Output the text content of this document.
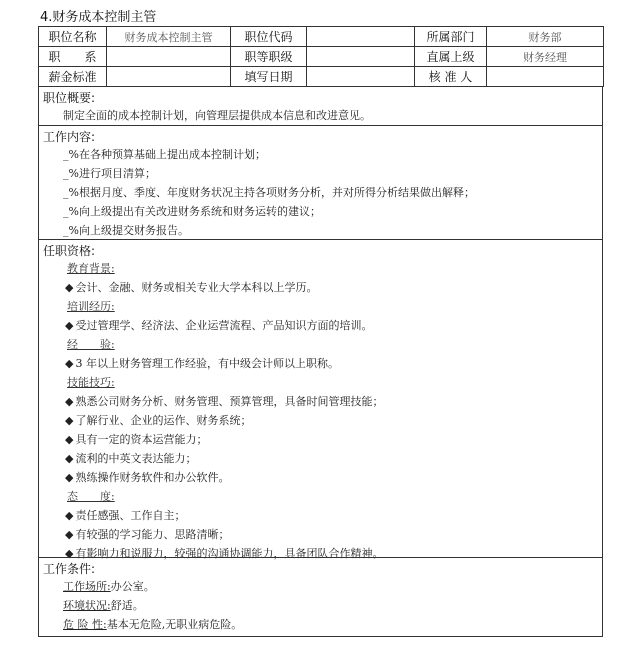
4.财务成本控制主管
职位名称	财务成本控制主管	职位代码		所属部门	财务部
职　　系		职等职级		直属上级	财务经理
薪金标准		填写日期		核 准 人	
职位概要:
制定全面的成本控制计划，向管理层提供成本信息和改进意见。
工作内容:
_%在各种预算基础上提出成本控制计划；
_%进行项目清算；
_%根据月度、季度、年度财务状况主持各项财务分析，并对所得分析结果做出解释；
_%向上级提出有关改进财务系统和财务运转的建议；
_%向上级提交财务报告。
任职资格:
教育背景:
◆ 会计、金融、财务或相关专业大学本科以上学历。
培训经历:
◆ 受过管理学、经济法、企业运营流程、产品知识方面的培训。
经　　验:
◆ 3 年以上财务管理工作经验，有中级会计师以上职称。
技能技巧:
◆ 熟悉公司财务分析、财务管理、预算管理，具备时间管理技能；
◆ 了解行业、企业的运作、财务系统；
◆ 具有一定的资本运营能力；
◆ 流利的中英文表达能力；
◆ 熟练操作财务软件和办公软件。
态　　度:
◆ 责任感强、工作自主；
◆ 有较强的学习能力、思路清晰；
◆ 有影响力和说服力，较强的沟通协调能力，具备团队合作精神。
工作条件:
工作场所:办公室。
环境状况:舒适。
危 险 性:基本无危险,无职业病危险。
